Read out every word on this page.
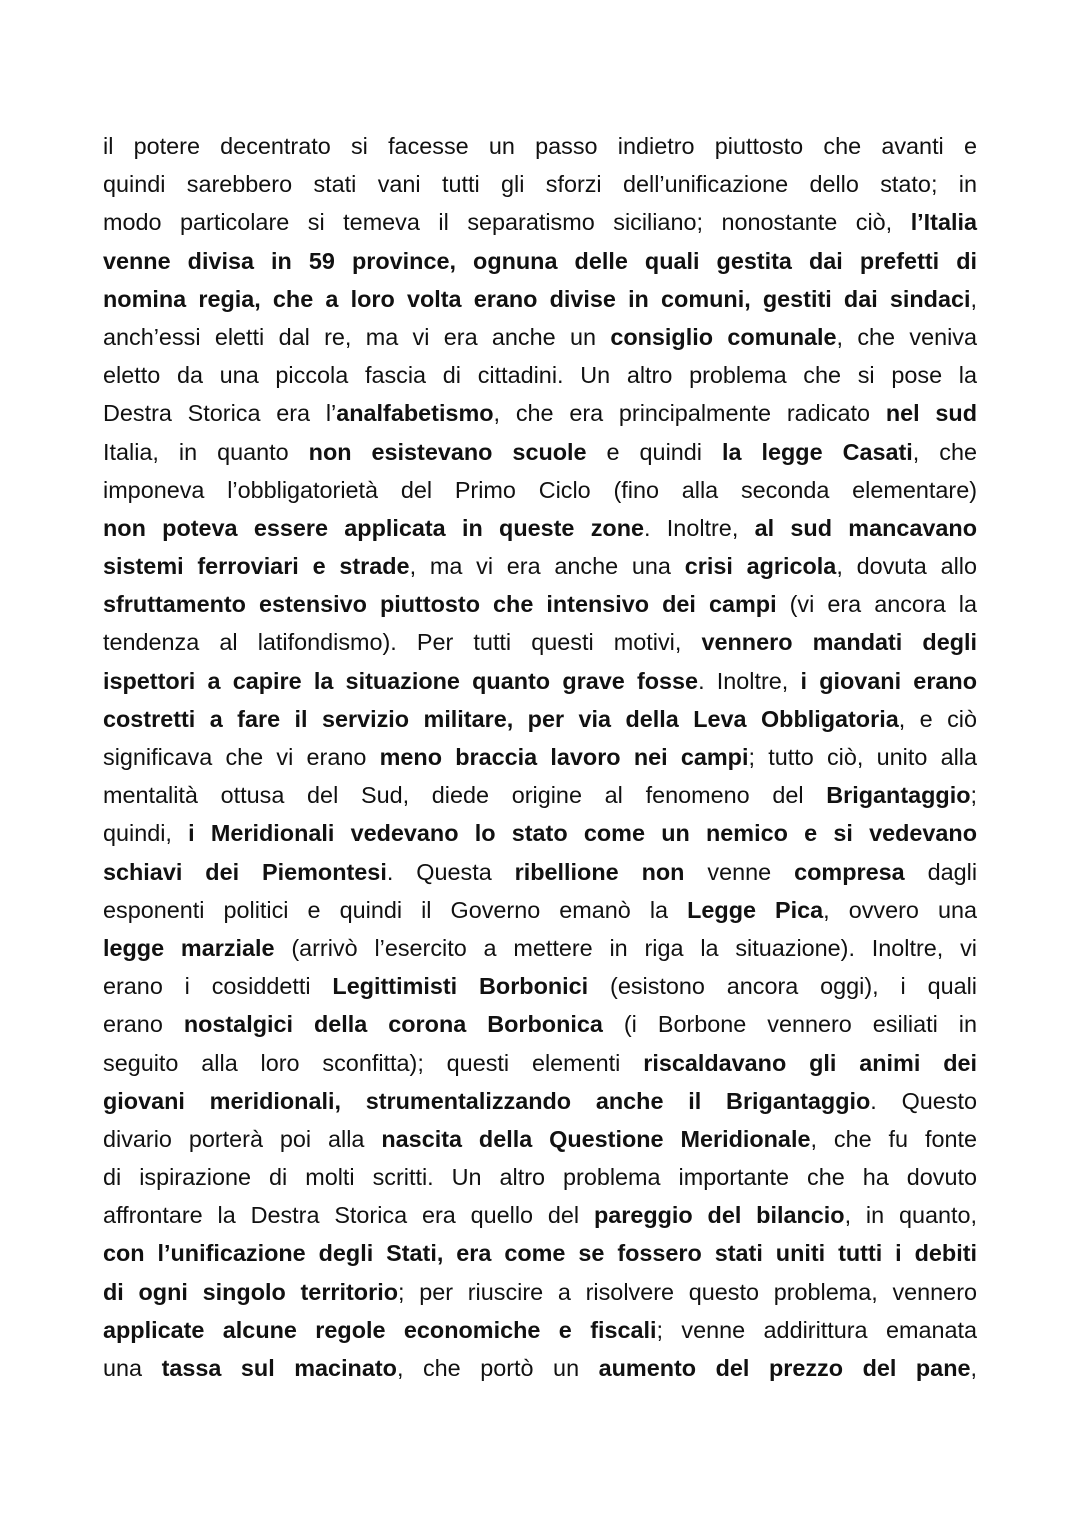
il potere decentrato si facesse un passo indietro piuttosto che avanti e
quindi sarebbero stati vani tutti gli sforzi dell’unificazione dello stato; in
modo particolare si temeva il separatismo siciliano; nonostante ciò, l’Italia
venne divisa in 59 province, ognuna delle quali gestita dai prefetti di
nomina regia, che a loro volta erano divise in comuni, gestiti dai sindaci,
anch’essi eletti dal re, ma vi era anche un consiglio comunale, che veniva
eletto da una piccola fascia di cittadini. Un altro problema che si pose la
Destra Storica era l’analfabetismo, che era principalmente radicato nel sud
Italia, in quanto non esistevano scuole e quindi la legge Casati, che
imponeva l’obbligatorietà del Primo Ciclo (fino alla seconda elementare)
non poteva essere applicata in queste zone. Inoltre, al sud mancavano
sistemi ferroviari e strade, ma vi era anche una crisi agricola, dovuta allo
sfruttamento estensivo piuttosto che intensivo dei campi (vi era ancora la
tendenza al latifondismo). Per tutti questi motivi, vennero mandati degli
ispettori a capire la situazione quanto grave fosse. Inoltre, i giovani erano
costretti a fare il servizio militare, per via della Leva Obbligatoria, e ciò
significava che vi erano meno braccia lavoro nei campi; tutto ciò, unito alla
mentalità ottusa del Sud, diede origine al fenomeno del Brigantaggio;
quindi, i Meridionali vedevano lo stato come un nemico e si vedevano
schiavi dei Piemontesi. Questa ribellione non venne compresa dagli
esponenti politici e quindi il Governo emanò la Legge Pica, ovvero una
legge marziale (arrivò l’esercito a mettere in riga la situazione). Inoltre, vi
erano i cosiddetti Legittimisti Borbonici (esistono ancora oggi), i quali
erano nostalgici della corona Borbonica (i Borbone vennero esiliati in
seguito alla loro sconfitta); questi elementi riscaldavano gli animi dei
giovani meridionali, strumentalizzando anche il Brigantaggio. Questo
divario porterà poi alla nascita della Questione Meridionale, che fu fonte
di ispirazione di molti scritti. Un altro problema importante che ha dovuto
affrontare la Destra Storica era quello del pareggio del bilancio, in quanto,
con l’unificazione degli Stati, era come se fossero stati uniti tutti i debiti
di ogni singolo territorio; per riuscire a risolvere questo problema, vennero
applicate alcune regole economiche e fiscali; venne addirittura emanata
una tassa sul macinato, che portò un aumento del prezzo del pane,
